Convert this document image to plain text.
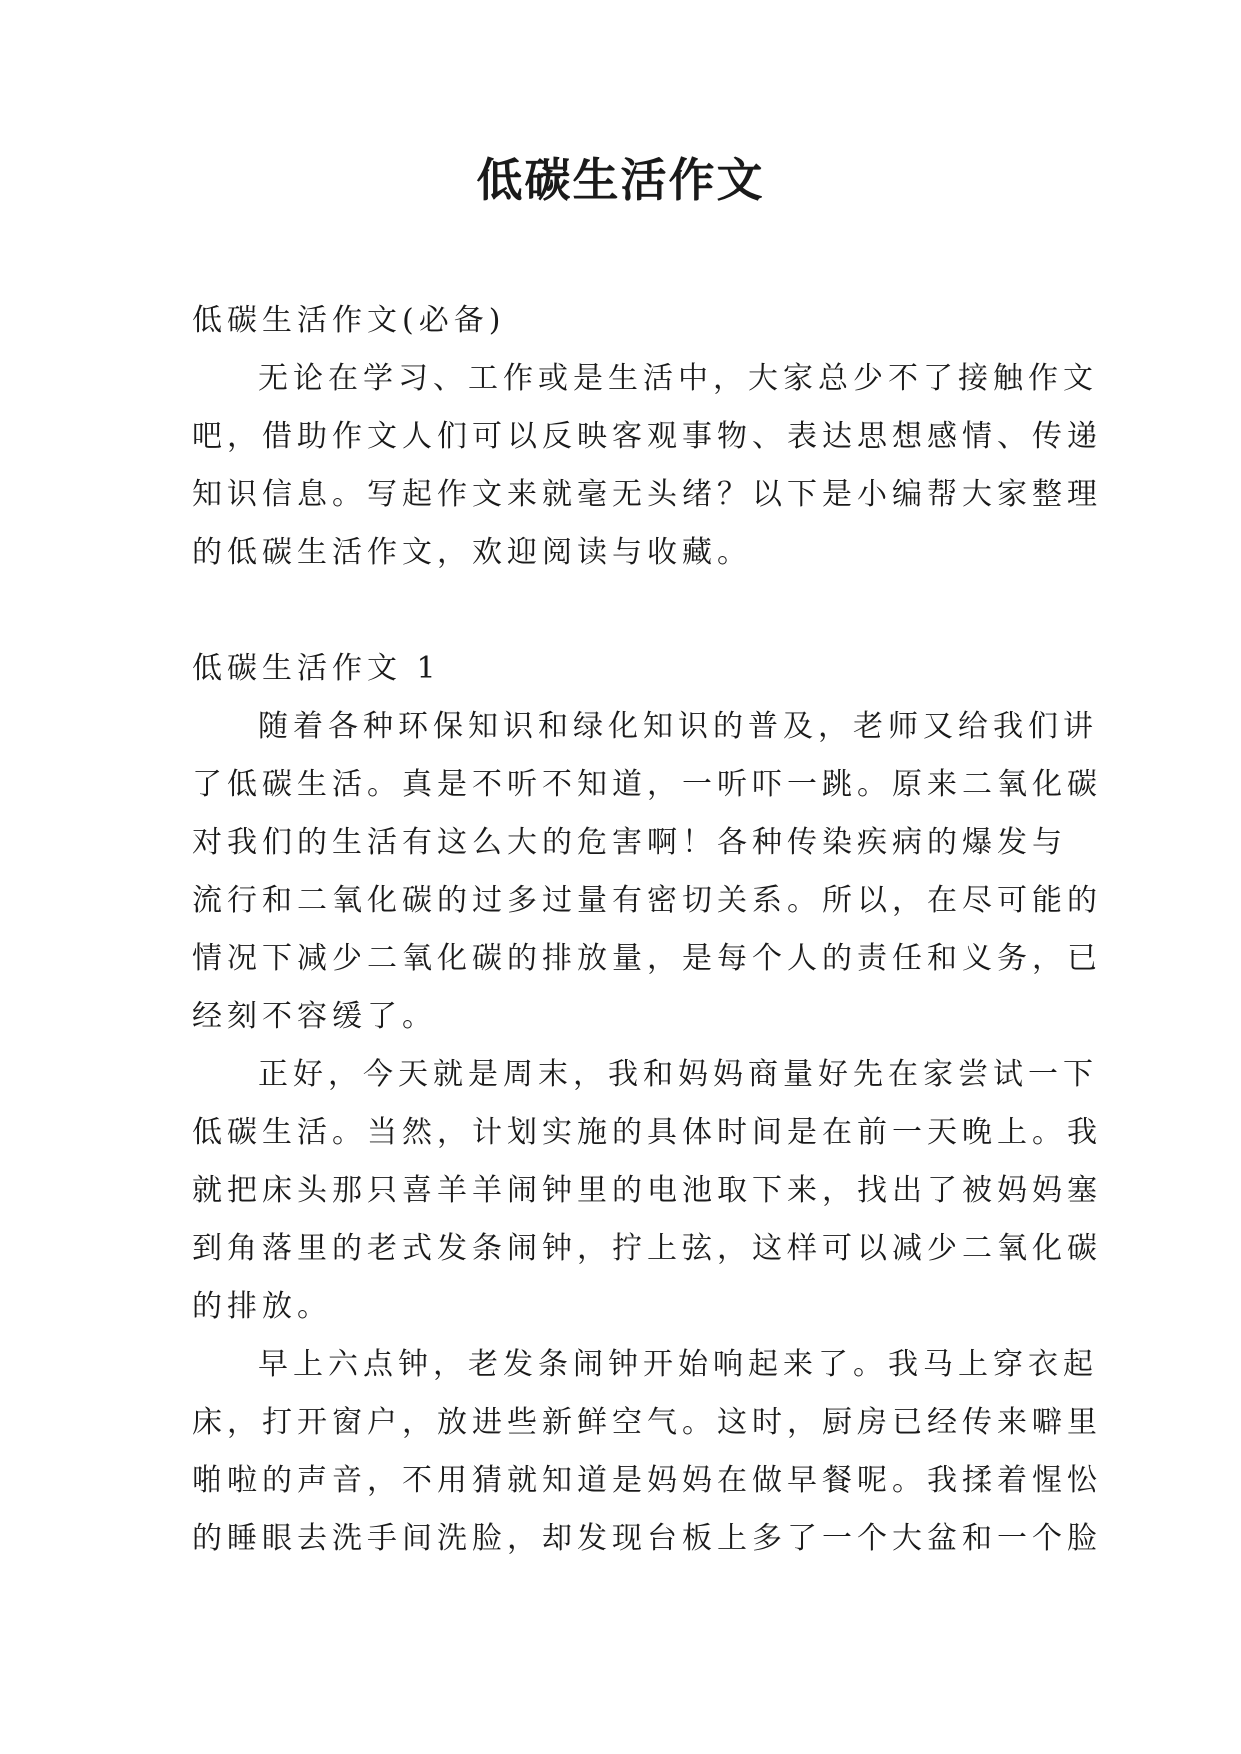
低碳生活作文
低碳生活作文(必备)
无论在学习、工作或是生活中，大家总少不了接触作文
吧，借助作文人们可以反映客观事物、表达思想感情、传递
知识信息。写起作文来就毫无头绪？以下是小编帮大家整理
的低碳生活作文，欢迎阅读与收藏。
低碳生活作文 1
随着各种环保知识和绿化知识的普及，老师又给我们讲
了低碳生活。真是不听不知道，一听吓一跳。原来二氧化碳
对我们的生活有这么大的危害啊！各种传染疾病的爆发与
流行和二氧化碳的过多过量有密切关系。所以，在尽可能的
情况下减少二氧化碳的排放量，是每个人的责任和义务，已
经刻不容缓了。
正好，今天就是周末，我和妈妈商量好先在家尝试一下
低碳生活。当然，计划实施的具体时间是在前一天晚上。我
就把床头那只喜羊羊闹钟里的电池取下来，找出了被妈妈塞
到角落里的老式发条闹钟，拧上弦，这样可以减少二氧化碳
的排放。
早上六点钟，老发条闹钟开始响起来了。我马上穿衣起
床，打开窗户，放进些新鲜空气。这时，厨房已经传来噼里
啪啦的声音，不用猜就知道是妈妈在做早餐呢。我揉着惺忪
的睡眼去洗手间洗脸，却发现台板上多了一个大盆和一个脸
